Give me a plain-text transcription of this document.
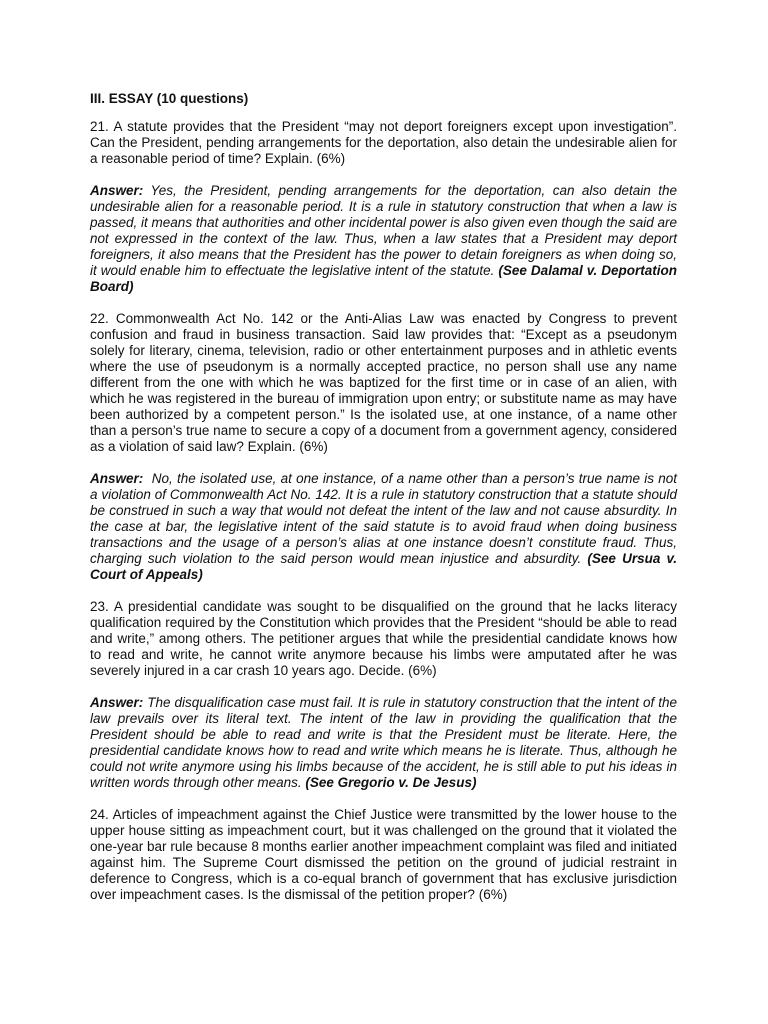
III. ESSAY (10 questions)
21. A statute provides that the President “may not deport foreigners except upon investigation”. Can the President, pending arrangements for the deportation, also detain the undesirable alien for a reasonable period of time? Explain. (6%)
Answer: Yes, the President, pending arrangements for the deportation, can also detain the undesirable alien for a reasonable period. It is a rule in statutory construction that when a law is passed, it means that authorities and other incidental power is also given even though the said are not expressed in the context of the law. Thus, when a law states that a President may deport foreigners, it also means that the President has the power to detain foreigners as when doing so, it would enable him to effectuate the legislative intent of the statute. (See Dalamal v. Deportation Board)
22. Commonwealth Act No. 142 or the Anti-Alias Law was enacted by Congress to prevent confusion and fraud in business transaction. Said law provides that: “Except as a pseudonym solely for literary, cinema, television, radio or other entertainment purposes and in athletic events where the use of pseudonym is a normally accepted practice, no person shall use any name different from the one with which he was baptized for the first time or in case of an alien, with which he was registered in the bureau of immigration upon entry; or substitute name as may have been authorized by a competent person.” Is the isolated use, at one instance, of a name other than a person’s true name to secure a copy of a document from a government agency, considered as a violation of said law? Explain. (6%)
Answer: No, the isolated use, at one instance, of a name other than a person’s true name is not a violation of Commonwealth Act No. 142. It is a rule in statutory construction that a statute should be construed in such a way that would not defeat the intent of the law and not cause absurdity. In the case at bar, the legislative intent of the said statute is to avoid fraud when doing business transactions and the usage of a person’s alias at one instance doesn’t constitute fraud. Thus, charging such violation to the said person would mean injustice and absurdity. (See Ursua v. Court of Appeals)
23. A presidential candidate was sought to be disqualified on the ground that he lacks literacy qualification required by the Constitution which provides that the President “should be able to read and write,” among others. The petitioner argues that while the presidential candidate knows how to read and write, he cannot write anymore because his limbs were amputated after he was severely injured in a car crash 10 years ago. Decide. (6%)
Answer: The disqualification case must fail. It is rule in statutory construction that the intent of the law prevails over its literal text. The intent of the law in providing the qualification that the President should be able to read and write is that the President must be literate. Here, the presidential candidate knows how to read and write which means he is literate. Thus, although he could not write anymore using his limbs because of the accident, he is still able to put his ideas in written words through other means. (See Gregorio v. De Jesus)
24. Articles of impeachment against the Chief Justice were transmitted by the lower house to the upper house sitting as impeachment court, but it was challenged on the ground that it violated the one-year bar rule because 8 months earlier another impeachment complaint was filed and initiated against him. The Supreme Court dismissed the petition on the ground of judicial restraint in deference to Congress, which is a co-equal branch of government that has exclusive jurisdiction over impeachment cases. Is the dismissal of the petition proper? (6%)
